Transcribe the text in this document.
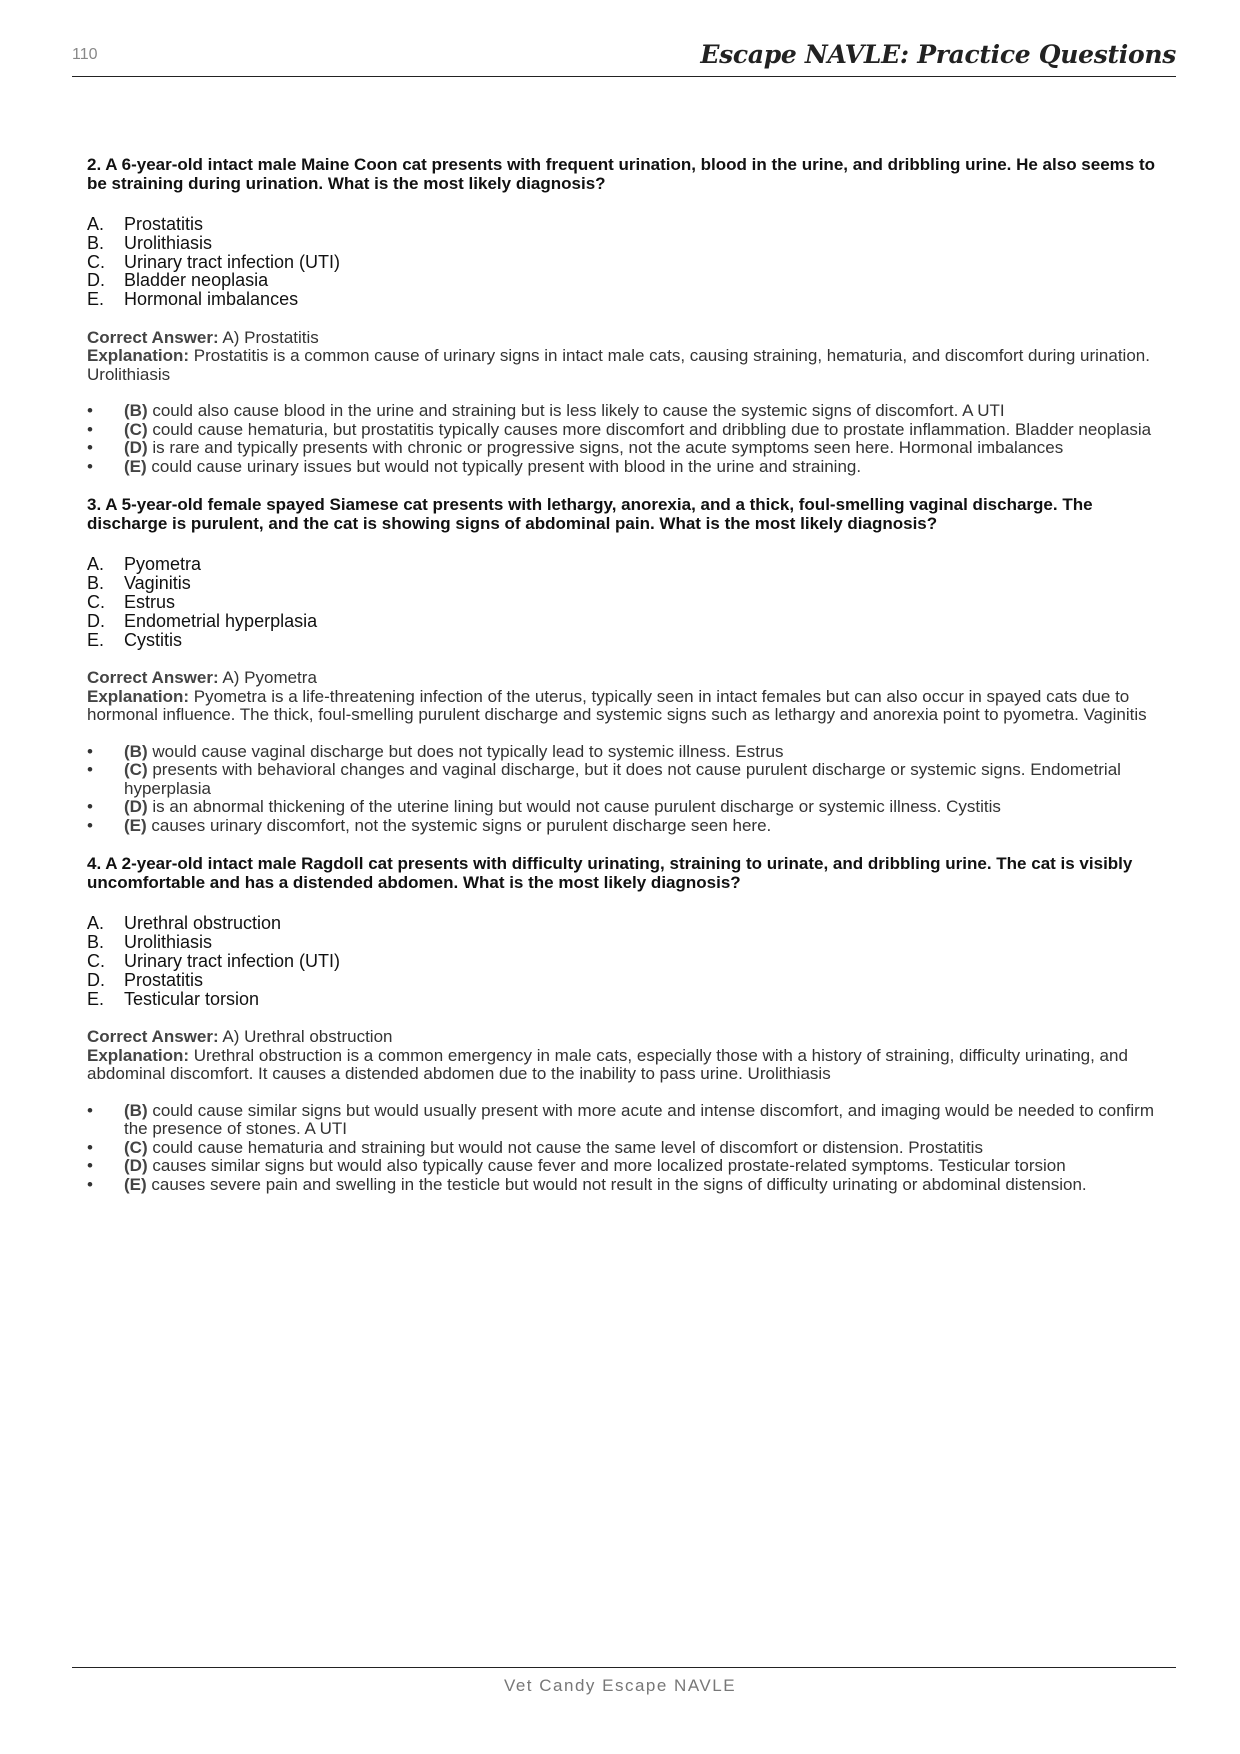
110	Escape NAVLE: Practice Questions

2. A 6-year-old intact male Maine Coon cat presents with frequent urination, blood in the urine, and dribbling urine. He also seems to be straining during urination. What is the most likely diagnosis?

A.	Prostatitis
B.	Urolithiasis
C.	Urinary tract infection (UTI)
D.	Bladder neoplasia
E.	Hormonal imbalances
Correct Answer: A) Prostatitis
Explanation: Prostatitis is a common cause of urinary signs in intact male cats, causing straining, hematuria, and discomfort during urination. Urolithiasis
• (B) could also cause blood in the urine and straining but is less likely to cause the systemic signs of discomfort. A UTI
• (C) could cause hematuria, but prostatitis typically causes more discomfort and dribbling due to prostate inflammation. Bladder neoplasia
• (D) is rare and typically presents with chronic or progressive signs, not the acute symptoms seen here. Hormonal imbalances
• (E) could cause urinary issues but would not typically present with blood in the urine and straining.

3. A 5-year-old female spayed Siamese cat presents with lethargy, anorexia, and a thick, foul-smelling vaginal discharge. The discharge is purulent, and the cat is showing signs of abdominal pain. What is the most likely diagnosis?

A.	Pyometra
B.	Vaginitis
C.	Estrus
D.	Endometrial hyperplasia
E.	Cystitis
Correct Answer: A) Pyometra
Explanation: Pyometra is a life-threatening infection of the uterus, typically seen in intact females but can also occur in spayed cats due to hormonal influence. The thick, foul-smelling purulent discharge and systemic signs such as lethargy and anorexia point to pyometra. Vaginitis
• (B) would cause vaginal discharge but does not typically lead to systemic illness. Estrus
• (C) presents with behavioral changes and vaginal discharge, but it does not cause purulent discharge or systemic signs. Endometrial hyperplasia
• (D) is an abnormal thickening of the uterine lining but would not cause purulent discharge or systemic illness. Cystitis
• (E) causes urinary discomfort, not the systemic signs or purulent discharge seen here.

4. A 2-year-old intact male Ragdoll cat presents with difficulty urinating, straining to urinate, and dribbling urine. The cat is visibly uncomfortable and has a distended abdomen. What is the most likely diagnosis?

A.	Urethral obstruction
B.	Urolithiasis
C.	Urinary tract infection (UTI)
D.	Prostatitis
E.	Testicular torsion
Correct Answer: A) Urethral obstruction
Explanation: Urethral obstruction is a common emergency in male cats, especially those with a history of straining, difficulty urinating, and abdominal discomfort. It causes a distended abdomen due to the inability to pass urine. Urolithiasis
• (B) could cause similar signs but would usually present with more acute and intense discomfort, and imaging would be needed to confirm the presence of stones. A UTI
• (C) could cause hematuria and straining but would not cause the same level of discomfort or distension. Prostatitis
• (D) causes similar signs but would also typically cause fever and more localized prostate-related symptoms. Testicular torsion
• (E) causes severe pain and swelling in the testicle but would not result in the signs of difficulty urinating or abdominal distension.
Vet Candy Escape NAVLE
